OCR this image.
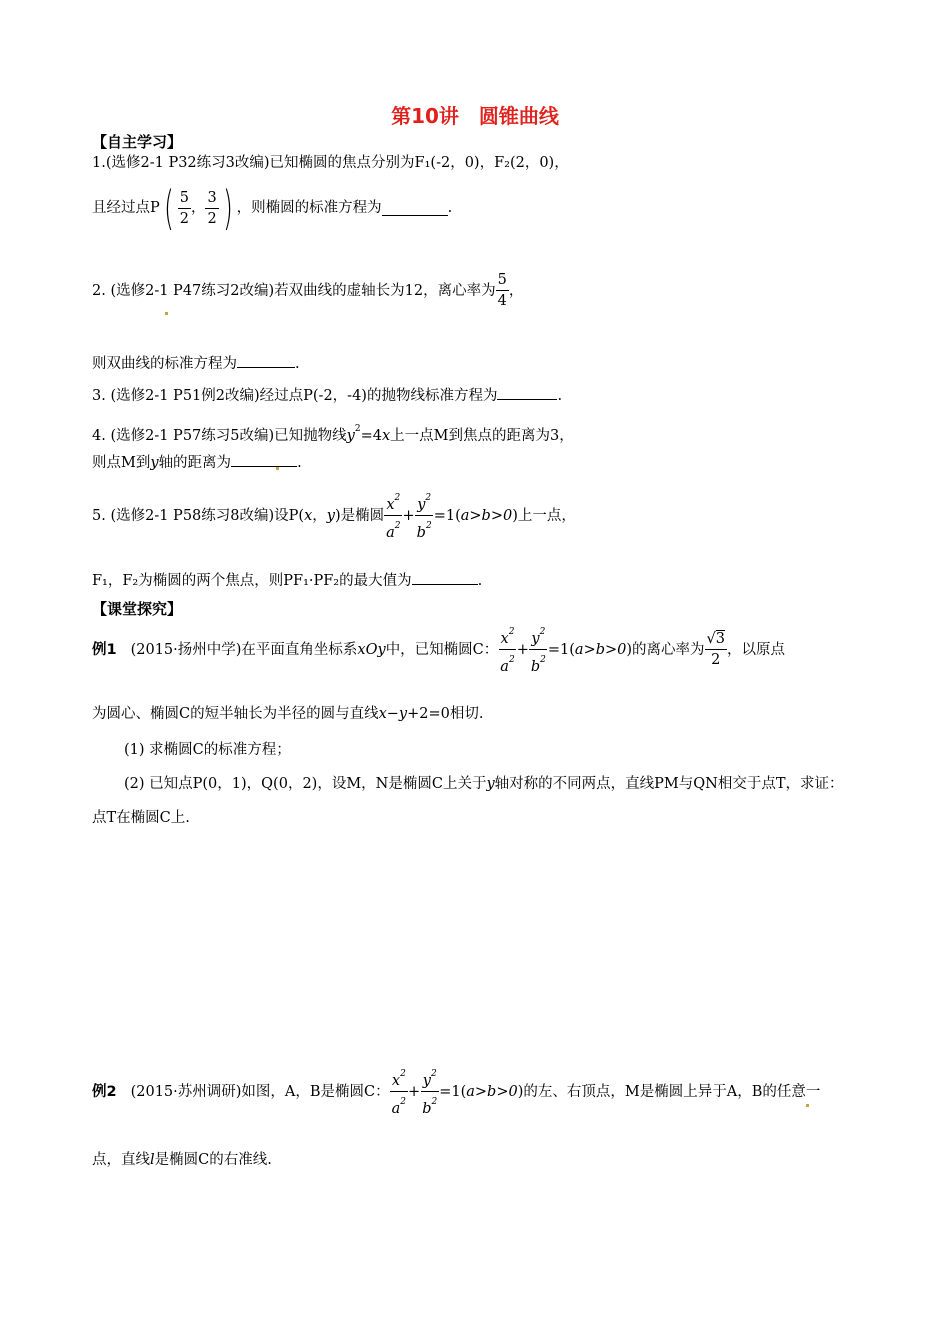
第10讲　圆锥曲线
【自主学习】
1.(选修2-1 P32练习3改编)已知椭圆的焦点分别为F₁(-2，0)，F₂(2，0)，
且经过点P ( $\frac{5}{2}$ ， $\frac{3}{2}$ ) ，则椭圆的标准方程为	.
2. (选修2-1 P47练习2改编)若双曲线的虚轴长为12，离心率为 $\frac{5}{4}$ ，
则双曲线的标准方程为	.
3. (选修2-1 P51例2改编)经过点P(-2，-4)的抛物线标准方程为	.
4. (选修2-1 P57练习5改编)已知抛物线$y^2=4x$上一点M到焦点的距离为3，
则点M到y轴的距离为	.
5. (选修2-1 P58练习8改编)设P( x ， y )是椭圆 $\frac{x^2}{a^2} + \frac{y^2}{b^2} =1$( a>b>0 )上一点，
F₁，F₂为椭圆的两个焦点，则PF₁·PF₂的最大值为	.
【课堂探究】
例1 (2015·扬州中学)在平面直角坐标系 xOy 中，已知椭圆C： $\frac{x^2}{a^2} + \frac{y^2}{b^2} =1$( a>b>0 )的离心率为 $\frac{√3}{2}$ ，以原点
为圆心、椭圆C的短半轴长为半径的圆与直线x−y+2=0相切.
(1) 求椭圆C的标准方程；
(2) 已知点P(0，1)，Q(0，2)，设M，N是椭圆C上关于y轴对称的不同两点，直线PM与QN相交于点T，求证：
点T在椭圆C上.
例2 (2015·苏州调研)如图，A，B是椭圆C： $\frac{x^2}{a^2} + \frac{y^2}{b^2} =1$( a>b>0 )的左、右顶点，M是椭圆上异于A，B的任意一
点，直线l是椭圆C的右准线.
